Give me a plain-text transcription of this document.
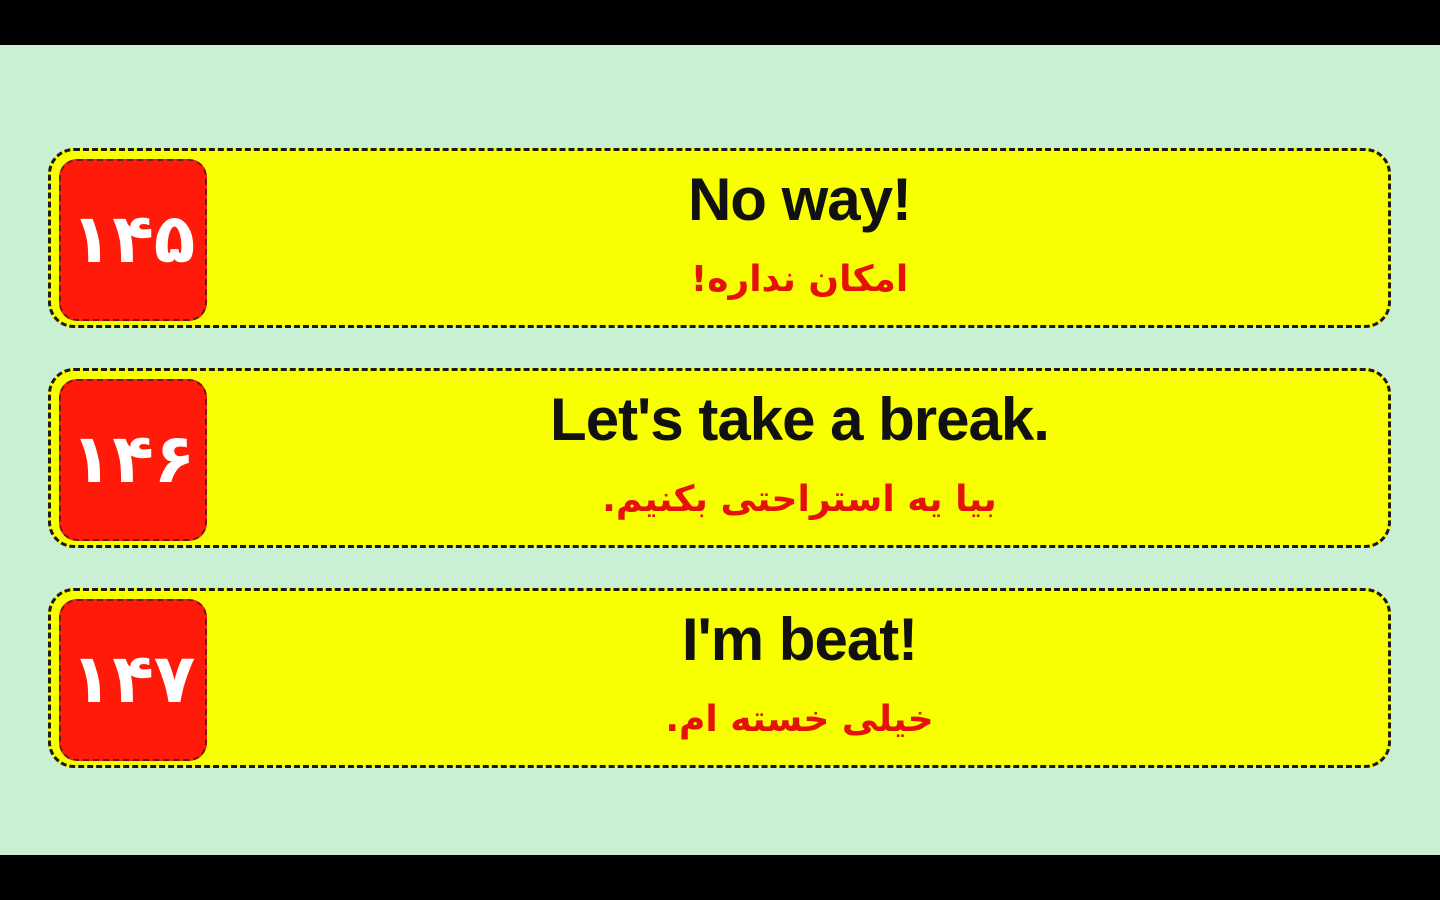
۱۴۵
No way!
امکان نداره!
۱۴۶
Let's take a break.
بیا یه استراحتی بکنیم.
۱۴۷
I'm beat!
خیلی خسته ام.
